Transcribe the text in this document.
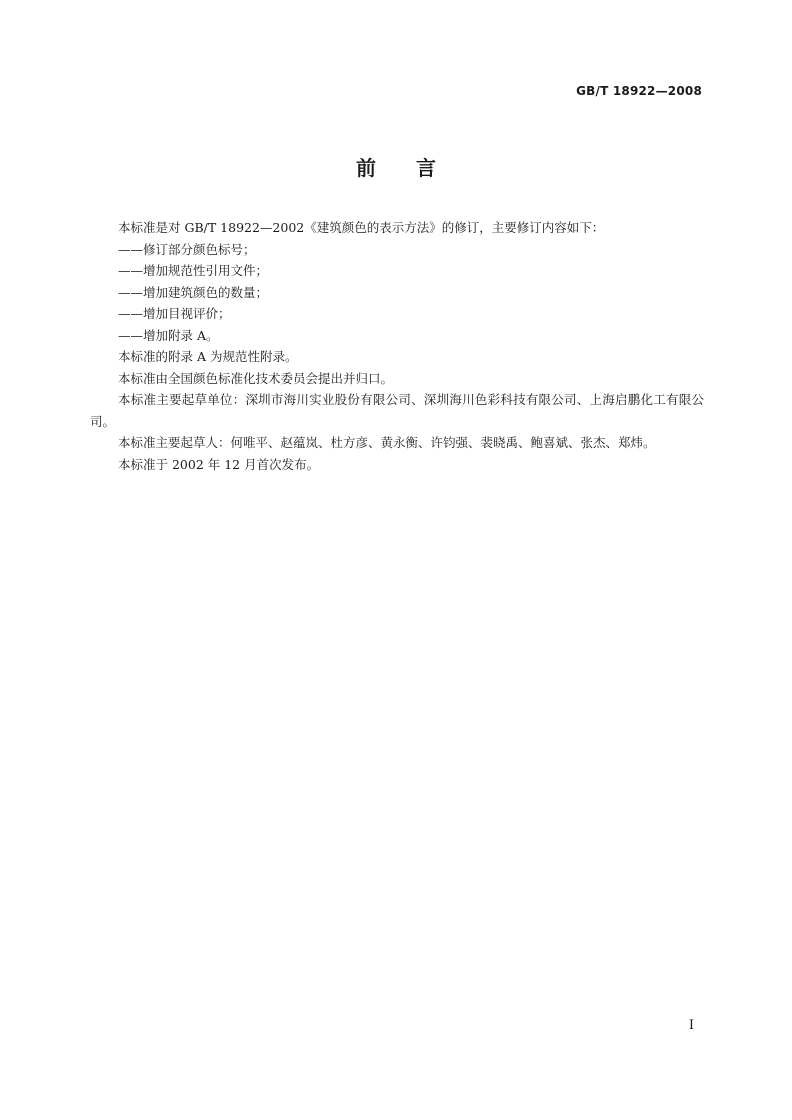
GB/T 18922—2008
前言

本标准是对 GB/T 18922—2002《建筑颜色的表示方法》的修订，主要修订内容如下：

——修订部分颜色标号；

——增加规范性引用文件；

——增加建筑颜色的数量；

——增加目视评价；

——增加附录 A。

本标准的附录 A 为规范性附录。

本标准由全国颜色标准化技术委员会提出并归口。

本标准主要起草单位：深圳市海川实业股份有限公司、深圳海川色彩科技有限公司、上海启鹏化工有限公司。

本标准主要起草人：何唯平、赵蕴岚、杜方彦、黄永衡、许钧强、裴晓禹、鲍喜斌、张杰、郑炜。

本标准于 2002 年 12 月首次发布。

I
